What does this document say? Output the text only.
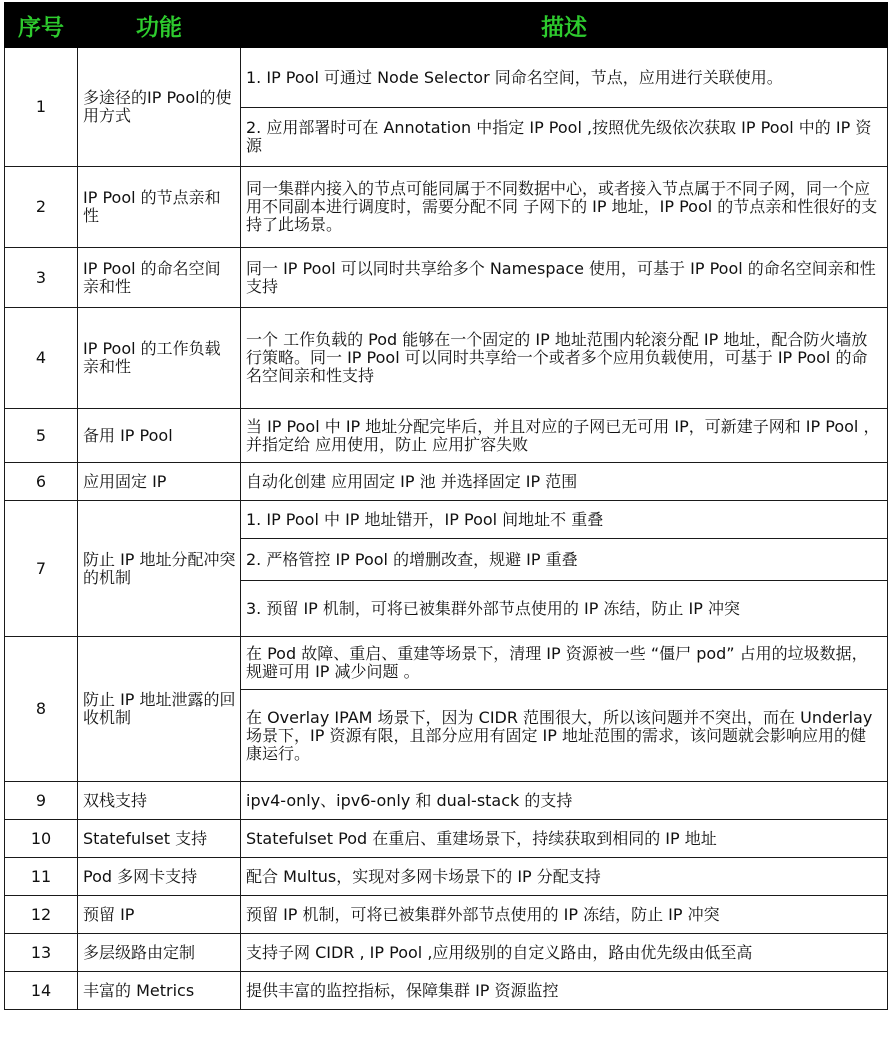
序号	功能	描述
1	多途径的IP Pool的使用方式	1. IP Pool 可通过 Node Selector 同命名空间，节点，应用进行关联使用。
		2. 应用部署时可在 Annotation 中指定 IP Pool ,按照优先级依次获取 IP Pool 中的 IP 资源
2	IP Pool 的节点亲和性	同一集群内接入的节点可能同属于不同数据中心，或者接入节点属于不同子网，同一个应用不同副本进行调度时，需要分配不同 子网下的 IP 地址，IP Pool 的节点亲和性很好的支持了此场景。
3	IP Pool 的命名空间亲和性	同一 IP Pool 可以同时共享给多个 Namespace 使用，可基于 IP Pool 的命名空间亲和性支持
4	IP Pool 的工作负载亲和性	一个 工作负载的 Pod 能够在一个固定的 IP 地址范围内轮滚分配 IP 地址，配合防火墙放行策略。同一 IP Pool 可以同时共享给一个或者多个应用负载使用，可基于 IP Pool 的命名空间亲和性支持
5	备用 IP Pool	当 IP Pool 中 IP 地址分配完毕后，并且对应的子网已无可用 IP，可新建子网和 IP Pool ，并指定给 应用使用，防止 应用扩容失败
6	应用固定 IP	自动化创建 应用固定 IP 池 并选择固定 IP 范围
7	防止 IP 地址分配冲突的机制	1. IP Pool 中 IP 地址错开，IP Pool 间地址不 重叠
		2. 严格管控 IP Pool 的增删改查，规避 IP 重叠
		3. 预留 IP 机制，可将已被集群外部节点使用的 IP 冻结，防止 IP 冲突
8	防止 IP 地址泄露的回收机制	在 Pod 故障、重启、重建等场景下，清理 IP 资源被一些 “僵尸 pod” 占用的垃圾数据，规避可用 IP 减少问题 。
		在 Overlay IPAM 场景下，因为 CIDR 范围很大，所以该问题并不突出，而在 Underlay 场景下，IP 资源有限，且部分应用有固定 IP 地址范围的需求，该问题就会影响应用的健康运行。
9	双栈支持	ipv4-only、ipv6-only 和 dual-stack 的支持
10	Statefulset 支持	Statefulset Pod 在重启、重建场景下，持续获取到相同的 IP 地址
11	Pod 多网卡支持	配合 Multus，实现对多网卡场景下的 IP 分配支持
12	预留 IP	预留 IP 机制，可将已被集群外部节点使用的 IP 冻结，防止 IP 冲突
13	多层级路由定制	支持子网 CIDR , IP Pool ,应用级别的自定义路由，路由优先级由低至高
14	丰富的 Metrics	提供丰富的监控指标，保障集群 IP 资源监控
